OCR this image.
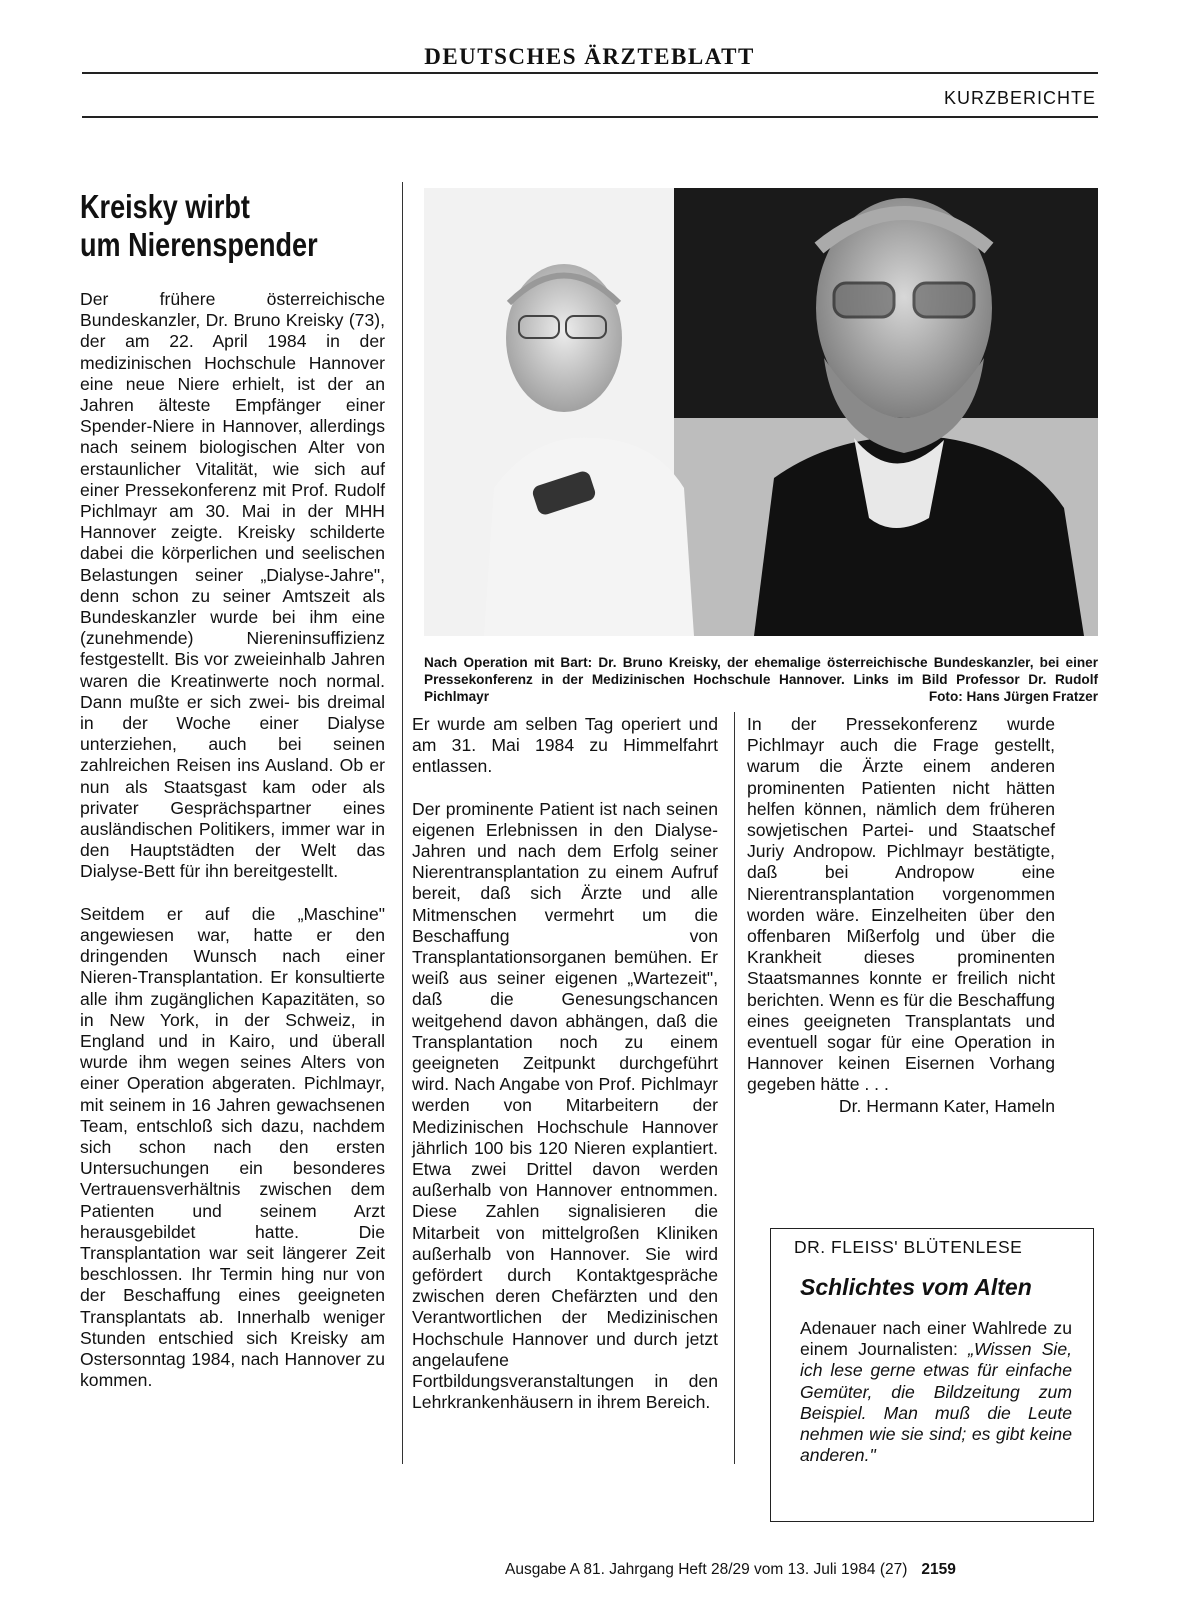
DEUTSCHES ÄRZTEBLATT
KURZBERICHTE
Kreisky wirbt
um Nierenspender

Der frühere österreichische Bundeskanzler, Dr. Bruno Kreisky (73), der am 22. April 1984 in der medizinischen Hochschule Hannover eine neue Niere erhielt, ist der an Jahren älteste Empfänger einer Spender-Niere in Hannover, allerdings nach seinem biologischen Alter von erstaunlicher Vitalität, wie sich auf einer Pressekonferenz mit Prof. Rudolf Pichlmayr am 30. Mai in der MHH Hannover zeigte. Kreisky schilderte dabei die körperlichen und seelischen Belastungen seiner „Dialyse-Jahre", denn schon zu seiner Amtszeit als Bundeskanzler wurde bei ihm eine (zunehmende) Niereninsuffizienz festgestellt. Bis vor zweieinhalb Jahren waren die Kreatinwerte noch normal. Dann mußte er sich zwei- bis dreimal in der Woche einer Dialyse unterziehen, auch bei seinen zahlreichen Reisen ins Ausland. Ob er nun als Staatsgast kam oder als privater Gesprächspartner eines ausländischen Politikers, immer war in den Hauptstädten der Welt das Dialyse-Bett für ihn bereitgestellt.

Seitdem er auf die „Maschine" angewiesen war, hatte er den dringenden Wunsch nach einer Nieren-Transplantation. Er konsultierte alle ihm zugänglichen Kapazitäten, so in New York, in der Schweiz, in England und in Kairo, und überall wurde ihm wegen seines Alters von einer Operation abgeraten. Pichlmayr, mit seinem in 16 Jahren gewachsenen Team, entschloß sich dazu, nachdem sich schon nach den ersten Untersuchungen ein besonderes Vertrauensverhältnis zwischen dem Patienten und seinem Arzt herausgebildet hatte. Die Transplantation war seit längerer Zeit beschlossen. Ihr Termin hing nur von der Beschaffung eines geeigneten Transplantats ab. Innerhalb weniger Stunden entschied sich Kreisky am Ostersonntag 1984, nach Hannover zu kommen.

Nach Operation mit Bart: Dr. Bruno Kreisky, der ehemalige österreichische Bundeskanzler, bei einer Pressekonferenz in der Medizinischen Hochschule Hannover. Links im Bild Professor Dr. Rudolf Pichlmayr	Foto: Hans Jürgen Fratzer

Er wurde am selben Tag operiert und am 31. Mai 1984 zu Himmelfahrt entlassen.

Der prominente Patient ist nach seinen eigenen Erlebnissen in den Dialyse-Jahren und nach dem Erfolg seiner Nierentransplantation zu einem Aufruf bereit, daß sich Ärzte und alle Mitmenschen vermehrt um die Beschaffung von Transplantationsorganen bemühen. Er weiß aus seiner eigenen „Wartezeit", daß die Genesungschancen weitgehend davon abhängen, daß die Transplantation noch zu einem geeigneten Zeitpunkt durchgeführt wird. Nach Angabe von Prof. Pichlmayr werden von Mitarbeitern der Medizinischen Hochschule Hannover jährlich 100 bis 120 Nieren explantiert. Etwa zwei Drittel davon werden außerhalb von Hannover entnommen. Diese Zahlen signalisieren die Mitarbeit von mittelgroßen Kliniken außerhalb von Hannover. Sie wird gefördert durch Kontaktgespräche zwischen deren Chefärzten und den Verantwortlichen der Medizinischen Hochschule Hannover und durch jetzt angelaufene Fortbildungsveranstaltungen in den Lehrkrankenhäusern in ihrem Bereich.

In der Pressekonferenz wurde Pichlmayr auch die Frage gestellt, warum die Ärzte einem anderen prominenten Patienten nicht hätten helfen können, nämlich dem früheren sowjetischen Partei- und Staatschef Juriy Andropow. Pichlmayr bestätigte, daß bei Andropow eine Nierentransplantation vorgenommen worden wäre. Einzelheiten über den offenbaren Mißerfolg und über die Krankheit dieses prominenten Staatsmannes konnte er freilich nicht berichten. Wenn es für die Beschaffung eines geeigneten Transplantats und eventuell sogar für eine Operation in Hannover keinen Eisernen Vorhang gegeben hätte . . .

Dr. Hermann Kater, Hameln
DR. FLEISS' BLÜTENLESE
Schlichtes vom Alten
Adenauer nach einer Wahlrede zu einem Journalisten: „Wissen Sie, ich lese gerne etwas für einfache Gemüter, die Bildzeitung zum Beispiel. Man muß die Leute nehmen wie sie sind; es gibt keine anderen."
Ausgabe A 81. Jahrgang Heft 28/29 vom 13. Juli 1984 (27) 2159
